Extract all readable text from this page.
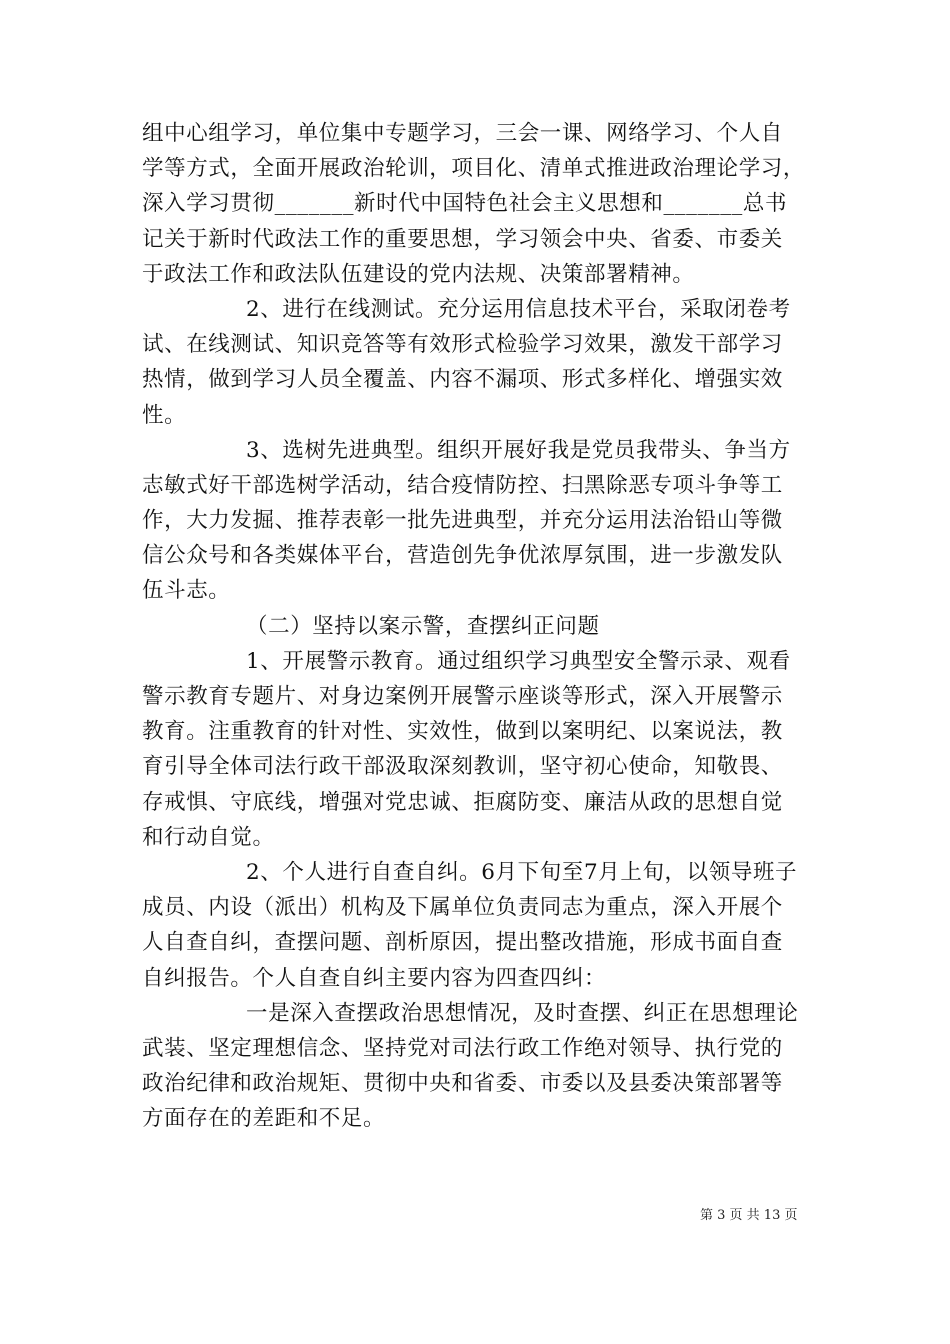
组中心组学习，单位集中专题学习，三会一课、网络学习、个人自
学等方式，全面开展政治轮训，项目化、清单式推进政治理论学习，
深入学习贯彻_______新时代中国特色社会主义思想和_______总书
记关于新时代政法工作的重要思想，学习领会中央、省委、市委关
于政法工作和政法队伍建设的党内法规、决策部署精神。
2、进行在线测试。充分运用信息技术平台，采取闭卷考
试、在线测试、知识竞答等有效形式检验学习效果，激发干部学习
热情，做到学习人员全覆盖、内容不漏项、形式多样化、增强实效
性。
3、选树先进典型。组织开展好我是党员我带头、争当方
志敏式好干部选树学活动，结合疫情防控、扫黑除恶专项斗争等工
作，大力发掘、推荐表彰一批先进典型，并充分运用法治铅山等微
信公众号和各类媒体平台，营造创先争优浓厚氛围，进一步激发队
伍斗志。
（二）坚持以案示警，查摆纠正问题
1、开展警示教育。通过组织学习典型安全警示录、观看
警示教育专题片、对身边案例开展警示座谈等形式，深入开展警示
教育。注重教育的针对性、实效性，做到以案明纪、以案说法，教
育引导全体司法行政干部汲取深刻教训，坚守初心使命，知敬畏、
存戒惧、守底线，增强对党忠诚、拒腐防变、廉洁从政的思想自觉
和行动自觉。
2、个人进行自查自纠。6月下旬至7月上旬，以领导班子
成员、内设（派出）机构及下属单位负责同志为重点，深入开展个
人自查自纠，查摆问题、剖析原因，提出整改措施，形成书面自查
自纠报告。个人自查自纠主要内容为四查四纠：
一是深入查摆政治思想情况，及时查摆、纠正在思想理论
武装、坚定理想信念、坚持党对司法行政工作绝对领导、执行党的
政治纪律和政治规矩、贯彻中央和省委、市委以及县委决策部署等
方面存在的差距和不足。
第 3 页 共 13 页
